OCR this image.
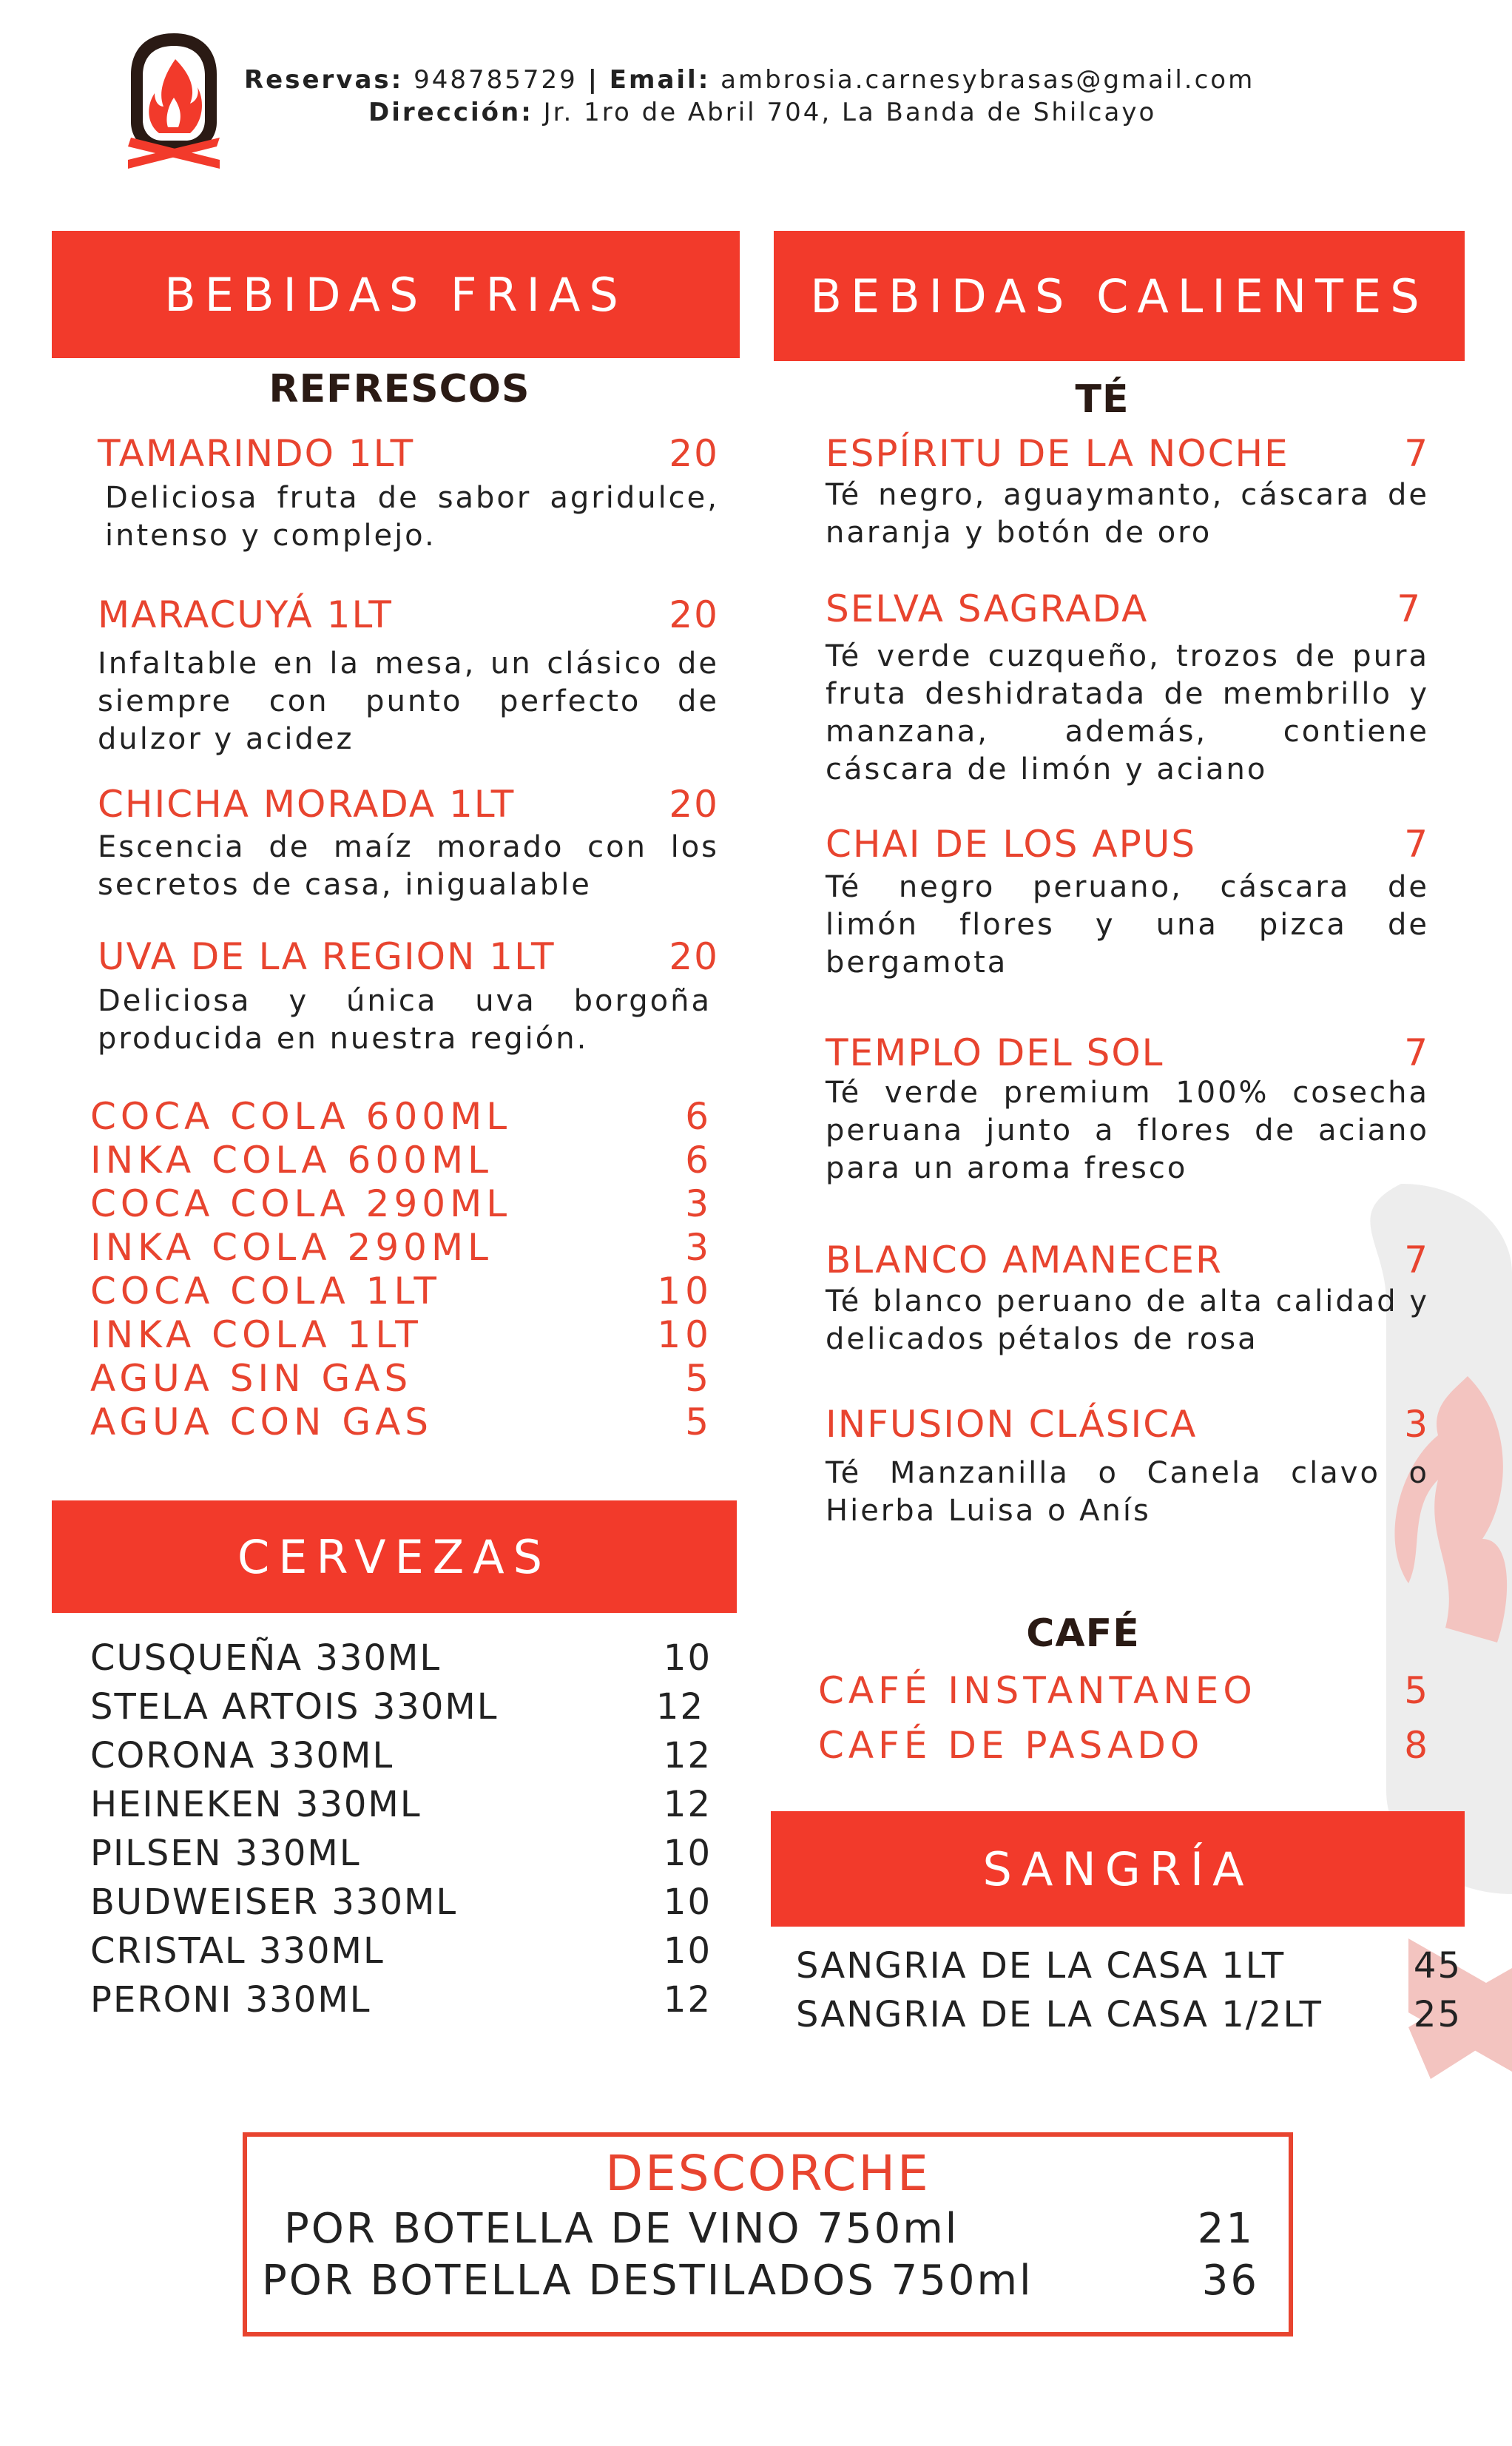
Reservas: 948785729 | Email: ambrosia.carnesybrasas@gmail.com
Dirección: Jr. 1ro de Abril 704, La Banda de Shilcayo
BEBIDAS FRIAS
REFRESCOS
TAMARINDO 1LT	20
Deliciosa fruta de sabor agridulce, intenso y complejo.
MARACUYÁ 1LT	20
Infaltable en la mesa, un clásico de siempre con punto perfecto de dulzor y acidez
CHICHA MORADA 1LT	20
Escencia de maíz morado con los secretos de casa, inigualable
UVA DE LA REGION 1LT	20
Deliciosa y única uva borgoña producida en nuestra región.
COCA COLA 600ML	6
INKA COLA 600ML	6
COCA COLA 290ML	3
INKA COLA 290ML	3
COCA COLA 1LT	10
INKA COLA 1LT	10
AGUA SIN GAS	5
AGUA CON GAS	5
CERVEZAS
CUSQUEÑA 330ML	10
STELA ARTOIS 330ML	12
CORONA 330ML	12
HEINEKEN 330ML	12
PILSEN 330ML	10
BUDWEISER 330ML	10
CRISTAL 330ML	10
PERONI 330ML	12
BEBIDAS CALIENTES
TÉ
ESPÍRITU DE LA NOCHE	7
Té negro, aguaymanto, cáscara de naranja y botón de oro
SELVA SAGRADA	7
Té verde cuzqueño, trozos de pura fruta deshidratada de membrillo y manzana, además, contiene cáscara de limón y aciano
CHAI DE LOS APUS	7
Té negro peruano, cáscara de limón flores y una pizca de bergamota
TEMPLO DEL SOL	7
Té verde premium 100% cosecha peruana junto a flores de aciano para un aroma fresco
BLANCO AMANECER	7
Té blanco peruano de alta calidad y delicados pétalos de rosa
INFUSION CLÁSICA	3
Té Manzanilla o Canela clavo o Hierba Luisa o Anís
CAFÉ
CAFÉ INSTANTANEO	5
CAFÉ DE PASADO	8
SANGRÍA
SANGRIA DE LA CASA 1LT	45
SANGRIA DE LA CASA 1/2LT	25
DESCORCHE
POR BOTELLA DE VINO 750ml	21
POR BOTELLA DESTILADOS 750ml	36
